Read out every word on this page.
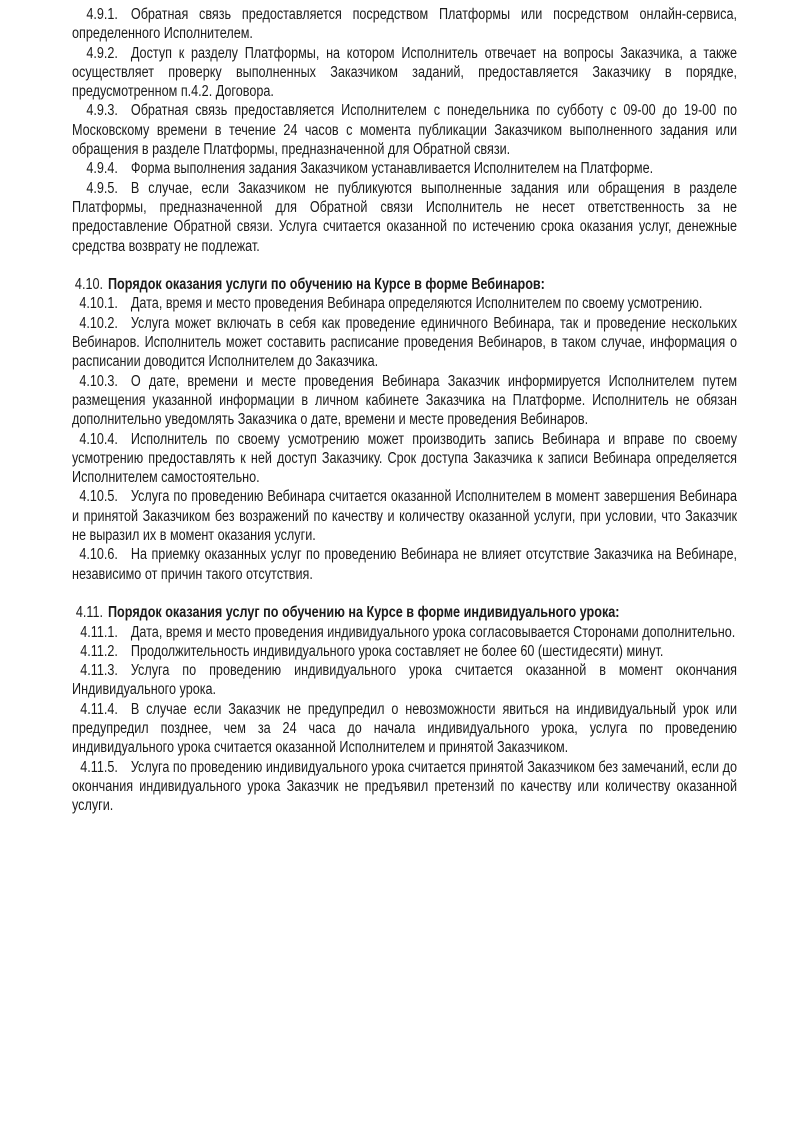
4.9.1. Обратная связь предоставляется посредством Платформы или посредством онлайн-сервиса, определенного Исполнителем.

4.9.2. Доступ к разделу Платформы, на котором Исполнитель отвечает на вопросы Заказчика, а также осуществляет проверку выполненных Заказчиком заданий, предоставляется Заказчику в порядке, предусмотренном п.4.2. Договора.

4.9.3. Обратная связь предоставляется Исполнителем с понедельника по субботу с 09-00 до 19-00 по Московскому времени в течение 24 часов с момента публикации Заказчиком выполненного задания или обращения в разделе Платформы, предназначенной для Обратной связи.

4.9.4. Форма выполнения задания Заказчиком устанавливается Исполнителем на Платформе.

4.9.5. В случае, если Заказчиком не публикуются выполненные задания или обращения в разделе Платформы, предназначенной для Обратной связи Исполнитель не несет ответственность за не предоставление Обратной связи. Услуга считается оказанной по истечению срока оказания услуг, денежные средства возврату не подлежат.

4.10. Порядок оказания услуги по обучению на Курсе в форме Вебинаров:

4.10.1. Дата, время и место проведения Вебинара определяются Исполнителем по своему усмотрению.

4.10.2. Услуга может включать в себя как проведение единичного Вебинара, так и проведение нескольких Вебинаров. Исполнитель может составить расписание проведения Вебинаров, в таком случае, информация о расписании доводится Исполнителем до Заказчика.

4.10.3. О дате, времени и месте проведения Вебинара Заказчик информируется Исполнителем путем размещения указанной информации в личном кабинете Заказчика на Платформе. Исполнитель не обязан дополнительно уведомлять Заказчика о дате, времени и месте проведения Вебинаров.

4.10.4. Исполнитель по своему усмотрению может производить запись Вебинара и вправе по своему усмотрению предоставлять к ней доступ Заказчику. Срок доступа Заказчика к записи Вебинара определяется Исполнителем самостоятельно.

4.10.5. Услуга по проведению Вебинара считается оказанной Исполнителем в момент завершения Вебинара и принятой Заказчиком без возражений по качеству и количеству оказанной услуги, при условии, что Заказчик не выразил их в момент оказания услуги.

4.10.6. На приемку оказанных услуг по проведению Вебинара не влияет отсутствие Заказчика на Вебинаре, независимо от причин такого отсутствия.

4.11. Порядок оказания услуг по обучению на Курсе в форме индивидуального урока:

4.11.1. Дата, время и место проведения индивидуального урока согласовывается Сторонами дополнительно.

4.11.2. Продолжительность индивидуального урока составляет не более 60 (шестидесяти) минут.

4.11.3. Услуга по проведению индивидуального урока считается оказанной в момент окончания Индивидуального урока.

4.11.4. В случае если Заказчик не предупредил о невозможности явиться на индивидуальный урок или предупредил позднее, чем за 24 часа до начала индивидуального урока, услуга по проведению индивидуального урока считается оказанной Исполнителем и принятой Заказчиком.

4.11.5. Услуга по проведению индивидуального урока считается принятой Заказчиком без замечаний, если до окончания индивидуального урока Заказчик не предъявил претензий по качеству или количеству оказанной услуги.
